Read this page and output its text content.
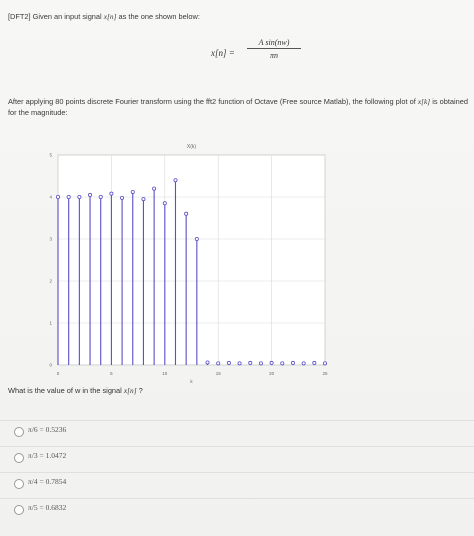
[DFT2] Given an input signal x[n] as the one shown below:
x[n] =
A sin(nw)
πn
After applying 80 points discrete Fourier transform using the fft2 function of Octave (Free source Matlab), the following plot of x[k] is obtained for the magnitude:
0	5	10	15	20	25
0
1
2
3
4
5
X(k)
k
What is the value of w in the signal x[n] ?
π/6 = 0.5236
π/3 = 1.0472
π/4 = 0.7854
π/5 = 0.6832
